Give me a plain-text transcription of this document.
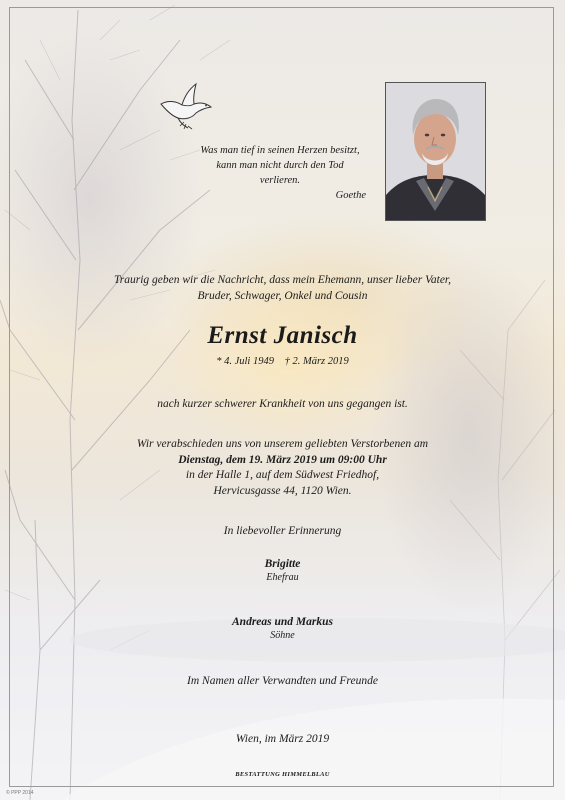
Was man tief in seinen Herzen besitzt,
kann man nicht durch den Tod
verlieren.
Goethe
Traurig geben wir die Nachricht, dass mein Ehemann, unser lieber Vater,
Bruder, Schwager, Onkel und Cousin
Ernst Janisch
* 4. Juli 1949 † 2. März 2019
nach kurzer schwerer Krankheit von uns gegangen ist.
Wir verabschieden uns von unserem geliebten Verstorbenen am
Dienstag, dem 19. März 2019 um 09:00 Uhr
in der Halle 1, auf dem Südwest Friedhof,
Hervicusgasse 44, 1120 Wien.
In liebevoller Erinnerung
Brigitte
Ehefrau
Andreas und Markus
Söhne
Im Namen aller Verwandten und Freunde
Wien, im März 2019
BESTATTUNG HIMMELBLAU
© PPP 2014
